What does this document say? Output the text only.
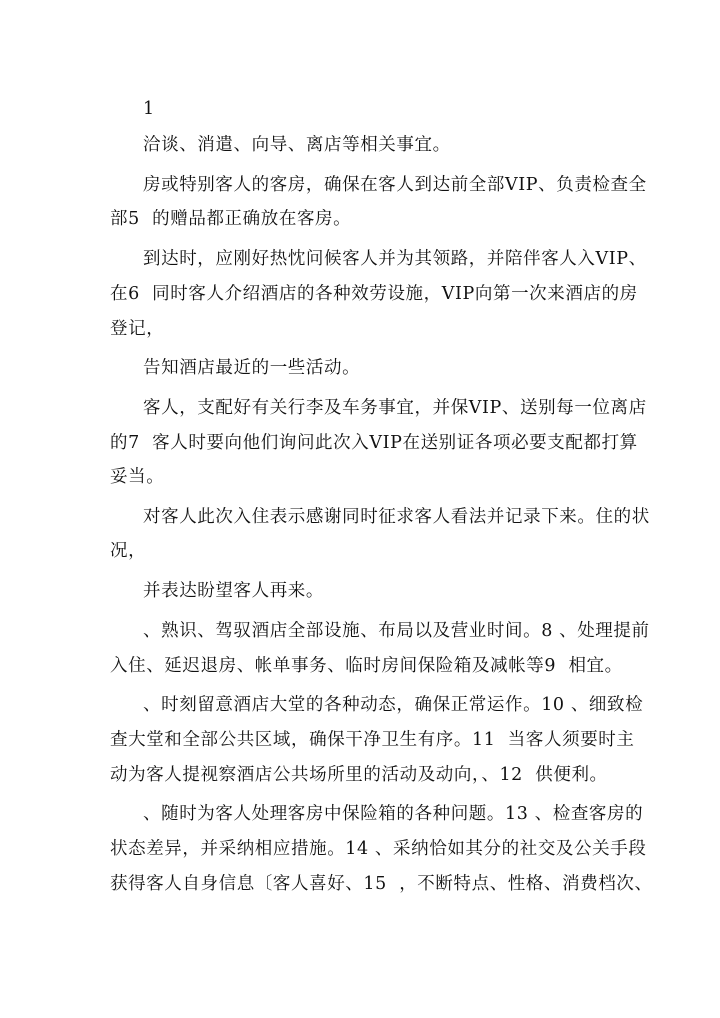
1
洽谈、消遣、向导、离店等相关事宜。
房或特别客人的客房，确保在客人到达前全部VIP、负责检查全
部5  的赠品都正确放在客房。
到达时，应刚好热忱问候客人并为其领路，并陪伴客人入VIP、
在6  同时客人介绍酒店的各种效劳设施，VIP向第一次来酒店的房
登记，
告知酒店最近的一些活动。
客人，支配好有关行李及车务事宜，并保VIP、送别每一位离店
的7  客人时要向他们询问此次入VIP在送别证各项必要支配都打算
妥当。
对客人此次入住表示感谢同时征求客人看法并记录下来。住的状
况，
并表达盼望客人再来。
、熟识、驾驭酒店全部设施、布局以及营业时间。8 、处理提前
入住、延迟退房、帐单事务、临时房间保险箱及减帐等9  相宜。
、时刻留意酒店大堂的各种动态，确保正常运作。10 、细致检
查大堂和全部公共区域，确保干净卫生有序。11  当客人须要时主
动为客人提视察酒店公共场所里的活动及动向，、12  供便利。
、随时为客人处理客房中保险箱的各种问题。13 、检查客房的
状态差异，并采纳相应措施。14 、采纳恰如其分的社交及公关手段
获得客人自身信息〔客人喜好、15  ，不断特点、性格、消费档次、
